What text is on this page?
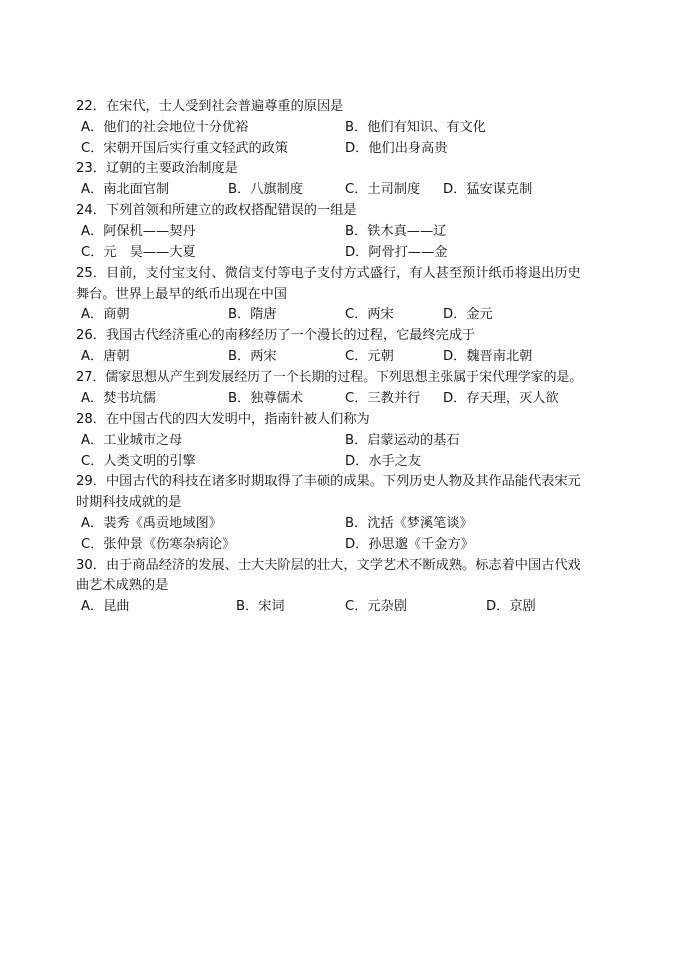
22．在宋代，士人受到社会普遍尊重的原因是
A．他们的社会地位十分优裕	B．他们有知识、有文化
C．宋朝开国后实行重文轻武的政策	D．他们出身高贵
23．辽朝的主要政治制度是
A．南北面官制	B．八旗制度	C．土司制度 D．猛安谋克制
24．下列首领和所建立的政权搭配错误的一组是
A．阿保机——契丹	B．铁木真——辽
C．元　昊——大夏	D．阿骨打——金
25．目前，支付宝支付、微信支付等电子支付方式盛行，有人甚至预计纸币将退出历史
舞台。世界上最早的纸币出现在中国
A．商朝	B．隋唐	C．两宋	D．金元
26．我国古代经济重心的南移经历了一个漫长的过程，它最终完成于
A．唐朝	B．两宋	C．元朝	D．魏晋南北朝
27．儒家思想从产生到发展经历了一个长期的过程。下列思想主张属于宋代理学家的是。
A．焚书坑儒	B．独尊儒术	C．三教并行 D．存天理，灭人欲
28．在中国古代的四大发明中，指南针被人们称为
A．工业城市之母	B．启蒙运动的基石
C．人类文明的引擎	D．水手之友
29．中国古代的科技在诸多时期取得了丰硕的成果。下列历史人物及其作品能代表宋元
时期科技成就的是
A．裴秀《禹贡地域图》	B．沈括《梦溪笔谈》
C．张仲景《伤寒杂病论》	D．孙思邈《千金方》
30．由于商品经济的发展、士大夫阶层的壮大，文学艺术不断成熟。标志着中国古代戏
曲艺术成熟的是
A．昆曲	B．宋词	C．元杂剧	D．京剧
